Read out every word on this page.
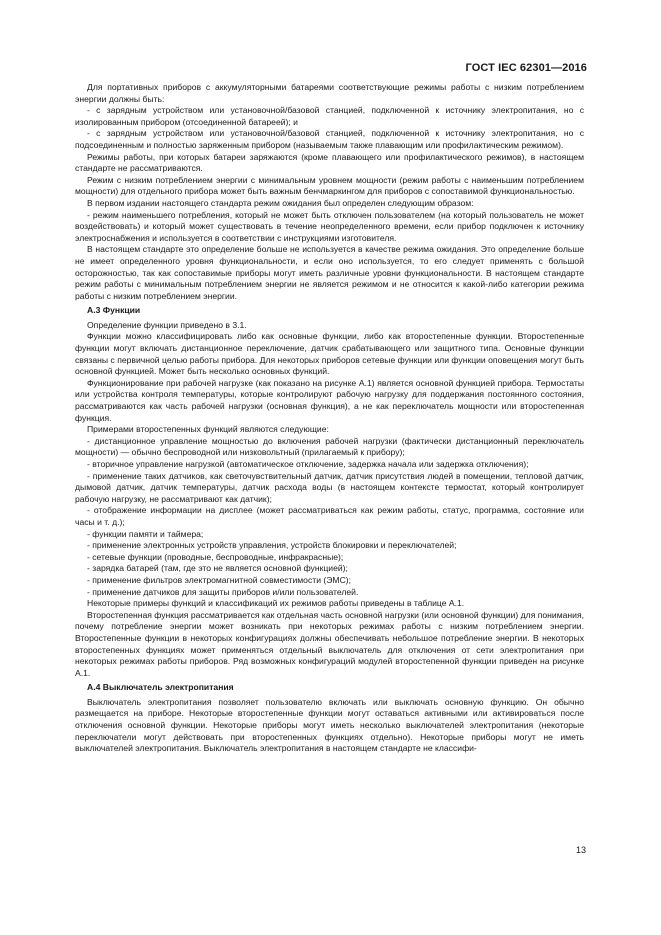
ГОСТ IEC 62301—2016

Для портативных приборов с аккумуляторными батареями соответствующие режимы работы с низким потреблением энергии должны быть:

- с зарядным устройством или установочной/базовой станцией, подключенной к источнику электропитания, но с изолированным прибором (отсоединенной батареей); и

- с зарядным устройством или установочной/базовой станцией, подключенной к источнику электропитания, но с подсоединенным и полностью заряженным прибором (называемым также плавающим или профилактическим режимом).

Режимы работы, при которых батареи заряжаются (кроме плавающего или профилактического режимов), в настоящем стандарте не рассматриваются.

Режим с низким потреблением энергии с минимальным уровнем мощности (режим работы с наименьшим потреблением мощности) для отдельного прибора может быть важным бенчмаркингом для приборов с сопоставимой функциональностью.

В первом издании настоящего стандарта режим ожидания был определен следующим образом:

- режим наименьшего потребления, который не может быть отключен пользователем (на который пользователь не может воздействовать) и который может существовать в течение неопределенного времени, если прибор подключен к источнику электроснабжения и используется в соответствии с инструкциями изготовителя.

В настоящем стандарте это определение больше не используется в качестве режима ожидания. Это определение больше не имеет определенного уровня функциональности, и если оно используется, то его следует применять с большой осторожностью, так как сопоставимые приборы могут иметь различные уровни функциональности. В настоящем стандарте режим работы с минимальным потреблением энергии не является режимом и не относится к какой-либо категории режима работы с низким потреблением энергии.

А.3 Функции

Определение функции приведено в 3.1.

Функции можно классифицировать либо как основные функции, либо как второстепенные функции. Второстепенные функции могут включать дистанционное переключение, датчик срабатывающего или защитного типа. Основные функции связаны с первичной целью работы прибора. Для некоторых приборов сетевые функции или функции оповещения могут быть основной функцией. Может быть несколько основных функций.

Функционирование при рабочей нагрузке (как показано на рисунке А.1) является основной функцией прибора. Термостаты или устройства контроля температуры, которые контролируют рабочую нагрузку для поддержания постоянного состояния, рассматриваются как часть рабочей нагрузки (основная функция), а не как переключатель мощности или второстепенная функция.

Примерами второстепенных функций являются следующие:

- дистанционное управление мощностью до включения рабочей нагрузки (фактически дистанционный переключатель мощности) — обычно беспроводной или низковольтный (прилагаемый к прибору);

- вторичное управление нагрузкой (автоматическое отключение, задержка начала или задержка отключения);

- применение таких датчиков, как светочувствительный датчик, датчик присутствия людей в помещении, тепловой датчик, дымовой датчик, датчик температуры, датчик расхода воды (в настоящем контексте термостат, который контролирует рабочую нагрузку, не рассматривают как датчик);

- отображение информации на дисплее (может рассматриваться как режим работы, статус, программа, состояние или часы и т. д.);

- функции памяти и таймера;

- применение электронных устройств управления, устройств блокировки и переключателей;

- сетевые функции (проводные, беспроводные, инфракрасные);

- зарядка батарей (там, где это не является основной функцией);

- применение фильтров электромагнитной совместимости (ЭМС);

- применение датчиков для защиты приборов и/или пользователей.

Некоторые примеры функций и классификаций их режимов работы приведены в таблице А.1.

Второстепенная функция рассматривается как отдельная часть основной нагрузки (или основной функции) для понимания, почему потребление энергии может возникать при некоторых режимах работы с низким потреблением энергии. Второстепенные функции в некоторых конфигурациях должны обеспечивать небольшое потребление энергии. В некоторых второстепенных функциях может применяться отдельный выключатель для отключения от сети электропитания при некоторых режимах работы приборов. Ряд возможных конфигураций модулей второстепенной функции приведен на рисунке А.1.

А.4 Выключатель электропитания

Выключатель электропитания позволяет пользователю включать или выключать основную функцию. Он обычно размещается на приборе. Некоторые второстепенные функции могут оставаться активными или активироваться после отключения основной функции. Некоторые приборы могут иметь несколько выключателей электропитания (некоторые переключатели могут действовать при второстепенных функциях отдельно). Некоторые приборы могут не иметь выключателей электропитания. Выключатель электропитания в настоящем стандарте не классифи-

13
